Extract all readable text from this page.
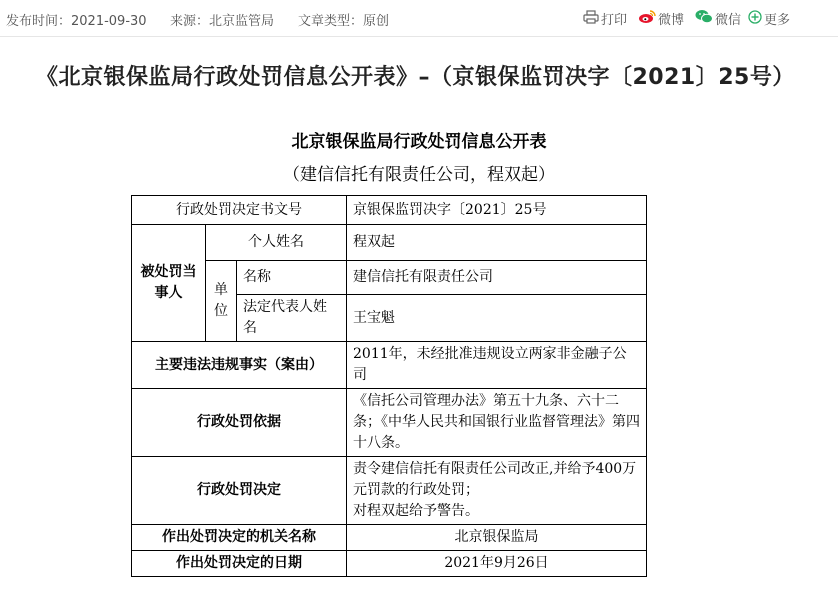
发布时间：2021-09-30 来源：北京监管局 文章类型：原创	打印 微博 微信 更多
《北京银保监局行政处罚信息公开表》–（京银保监罚决字〔2021〕25号）
北京银保监局行政处罚信息公开表
（建信信托有限责任公司，程双起）
行政处罚决定书文号			京银保监罚决字〔2021〕25号
被处罚当事人	个人姓名		程双起
	单位	名称	建信信托有限责任公司
		法定代表人姓名	王宝魁
主要违法违规事实（案由）			2011年，未经批准违规设立两家非金融子公司
行政处罚依据			《信托公司管理办法》第五十九条、六十二条；《中华人民共和国银行业监督管理法》第四十八条。
行政处罚决定			责令建信信托有限责任公司改正,并给予400万元罚款的行政处罚；
对程双起给予警告。

作出处罚决定的机关名称			北京银保监局
作出处罚决定的日期			2021年9月26日
